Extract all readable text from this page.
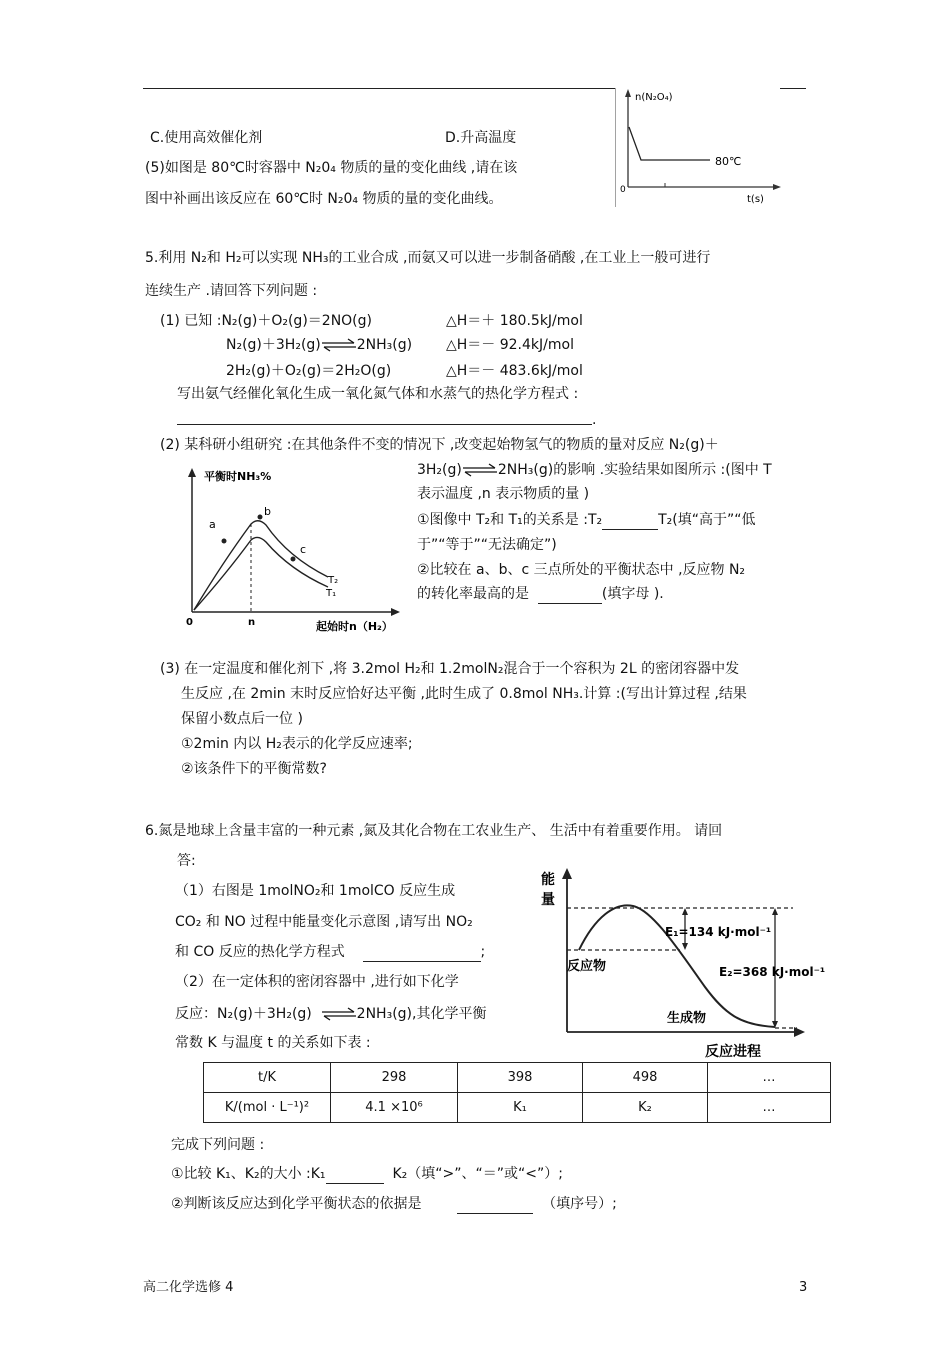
C.使用高效催化剂	D.升高温度
(5)如图是 80℃时容器中 N₂0₄ 物质的量的变化曲线 ,请在该
图中补画出该反应在 60℃时 N₂0₄ 物质的量的变化曲线。
n(N₂O₄)
80℃
0
t(s)
5.利用 N₂和 H₂可以实现 NH₃的工业合成 ,而氨又可以进一步制备硝酸 ,在工业上一般可进行
连续生产 .请回答下列问题 :
(1) 已知 :N₂(g)＋O₂(g)＝2NO(g)	△H＝＋ 180.5kJ/mol
N₂(g)＋3H₂(g)⇌2NH₃(g) △H＝－ 92.4kJ/mol
2H₂(g)＋O₂(g)＝2H₂O(g)	△H＝－ 483.6kJ/mol
写出氨气经催化氧化生成一氧化氮气体和水蒸气的热化学方程式 :
.
(2) 某科研小组研究 :在其他条件不变的情况下 ,改变起始物氢气的物质的量对反应 N₂(g)＋
3H₂(g)⇌2NH₃(g)的影响 .实验结果如图所示 :(图中 T
表示温度 ,n 表示物质的量 )
①图像中 T₂和 T₁的关系是 :T₂	T₂(填“高于”“低
于”“等于”“无法确定”)
②比较在 a、b、c 三点所处的平衡状态中 ,反应物 N₂
的转化率最高的是	(填字母 ).
平衡时NH₃%
a
b
c
T₂
T₁
0	n	起始时n（H₂）
(3) 在一定温度和催化剂下 ,将 3.2mol H₂和 1.2molN₂混合于一个容积为 2L 的密闭容器中发
生反应 ,在 2min 末时反应恰好达平衡 ,此时生成了 0.8mol NH₃.计算 :(写出计算过程 ,结果
保留小数点后一位 )
①2min 内以 H₂表示的化学反应速率;
②该条件下的平衡常数?
6.氮是地球上含量丰富的一种元素 ,氮及其化合物在工农业生产、 生活中有着重要作用。 请回
答:
（1）右图是 1molNO₂和 1molCO 反应生成
CO₂ 和 NO 过程中能量变化示意图 ,请写出 NO₂
和 CO 反应的热化学方程式	;
（2）在一定体积的密闭容器中 ,进行如下化学
反应：N₂(g)＋3H₂(g) ⇌2NH₃(g),其化学平衡
常数 K 与温度 t 的关系如下表 :
能
量
E₁=134 kJ·mol⁻¹
E₂=368 kJ·mol⁻¹
反应物
生成物
反应进程
t/K	298	398	498	…
K/(mol · L⁻¹)²	4.1 ×10⁶	K₁	K₂	…
完成下列问题 :
①比较 K₁、K₂的大小 :K₁	K₂（填“>”、“＝”或“<”）;
②判断该反应达到化学平衡状态的依据是	（填序号）;
高二化学选修 4	3
